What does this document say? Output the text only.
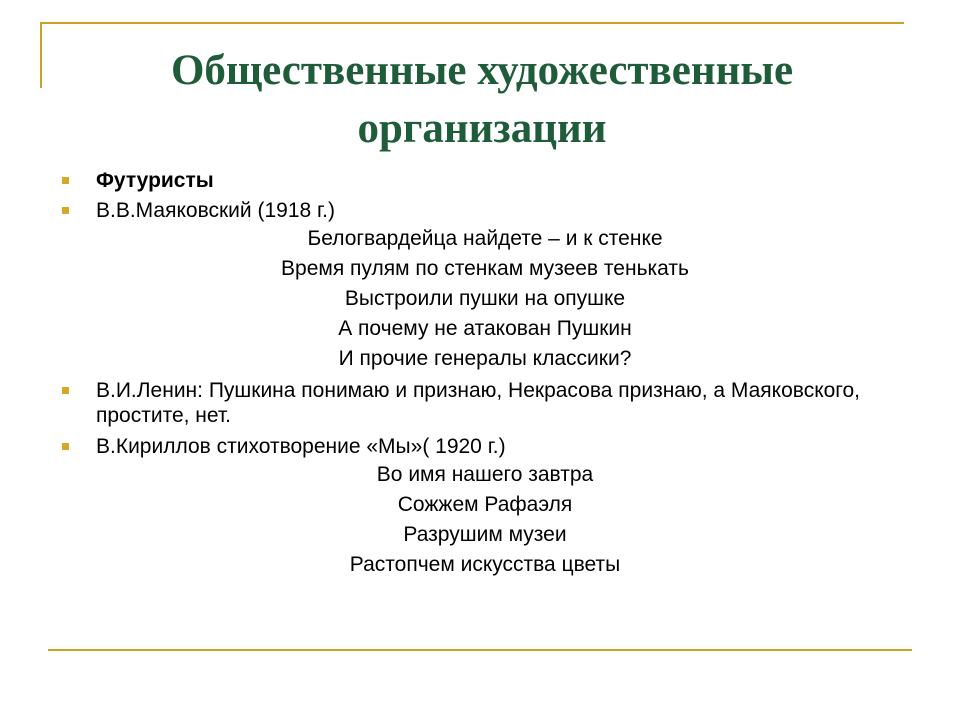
Общественные художественные организации
Футуристы
В.В.Маяковский (1918 г.)
Белогвардейца найдете – и к стенке
Время пулям по стенкам музеев тенькать
Выстроили пушки на опушке
А почему не атакован Пушкин
И прочие генералы классики?
В.И.Ленин: Пушкина понимаю и признаю, Некрасова признаю, а Маяковского, простите, нет.
В.Кириллов стихотворение «Мы»( 1920 г.)
Во имя нашего завтра
Сожжем Рафаэля
Разрушим музеи
Растопчем искусства цветы
